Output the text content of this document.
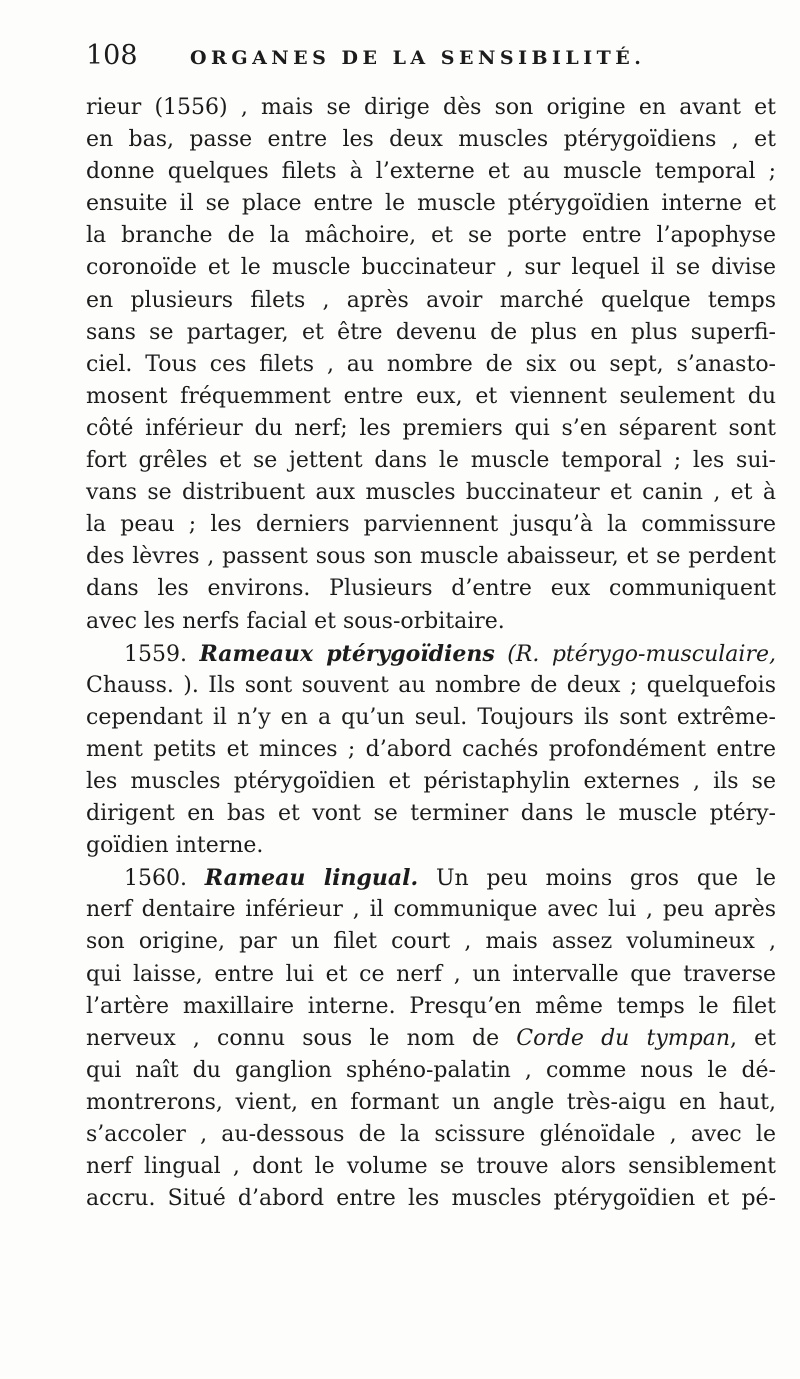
108	ORGANES DE LA SENSIBILITÉ.
rieur (1556) , mais se dirige dès son origine en avant et
en bas, passe entre les deux muscles ptérygoïdiens , et
donne quelques filets à l’externe et au muscle temporal ;
ensuite il se place entre le muscle ptérygoïdien interne et
la branche de la mâchoire, et se porte entre l’apophyse
coronoïde et le muscle buccinateur , sur lequel il se divise
en plusieurs filets , après avoir marché quelque temps
sans se partager, et être devenu de plus en plus superfi-
ciel. Tous ces filets , au nombre de six ou sept, s’anasto-
mosent fréquemment entre eux, et viennent seulement du
côté inférieur du nerf; les premiers qui s’en séparent sont
fort grêles et se jettent dans le muscle temporal ; les sui-
vans se distribuent aux muscles buccinateur et canin , et à
la peau ; les derniers parviennent jusqu’à la commissure
des lèvres , passent sous son muscle abaisseur, et se perdent
dans les environs. Plusieurs d’entre eux communiquent
avec les nerfs facial et sous-orbitaire.
1559. Rameaux ptérygoïdiens (R. ptérygo-musculaire,
Chauss. ). Ils sont souvent au nombre de deux ; quelquefois
cependant il n’y en a qu’un seul. Toujours ils sont extrême-
ment petits et minces ; d’abord cachés profondément entre
les muscles ptérygoïdien et péristaphylin externes , ils se
dirigent en bas et vont se terminer dans le muscle ptéry-
goïdien interne.
1560. Rameau lingual. Un peu moins gros que le
nerf dentaire inférieur , il communique avec lui , peu après
son origine, par un filet court , mais assez volumineux ,
qui laisse, entre lui et ce nerf , un intervalle que traverse
l’artère maxillaire interne. Presqu’en même temps le filet
nerveux , connu sous le nom de Corde du tympan, et
qui naît du ganglion sphéno-palatin , comme nous le dé-
montrerons, vient, en formant un angle très-aigu en haut,
s’accoler , au-dessous de la scissure glénoïdale , avec le
nerf lingual , dont le volume se trouve alors sensiblement
accru. Situé d’abord entre les muscles ptérygoïdien et pé-
